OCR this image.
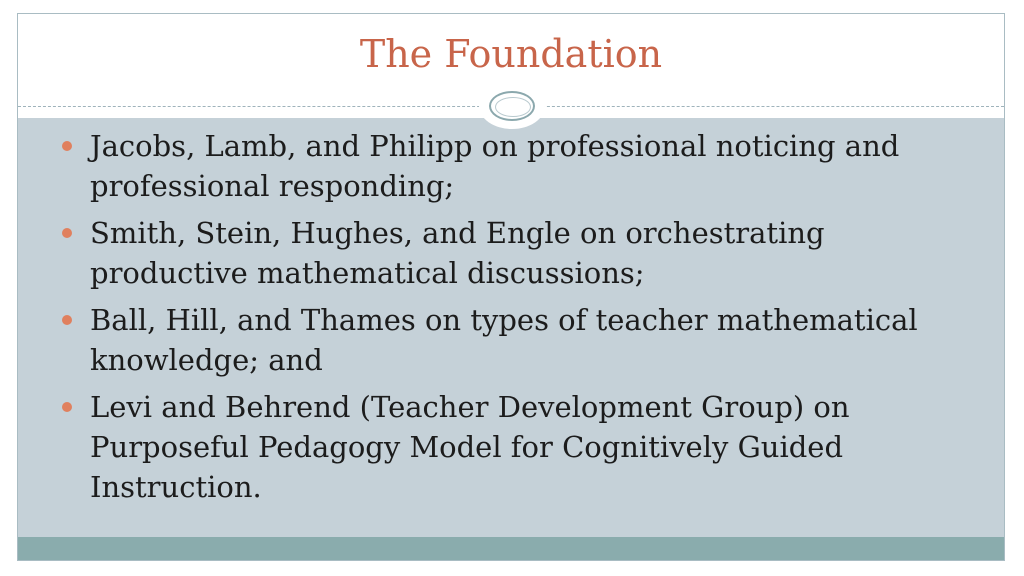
The Foundation
Jacobs, Lamb, and Philipp on professional noticing and professional responding;
Smith, Stein, Hughes, and Engle on orchestrating productive mathematical discussions;
Ball, Hill, and Thames on types of teacher mathematical knowledge; and
Levi and Behrend (Teacher Development Group) on Purposeful Pedagogy Model for Cognitively Guided Instruction.
